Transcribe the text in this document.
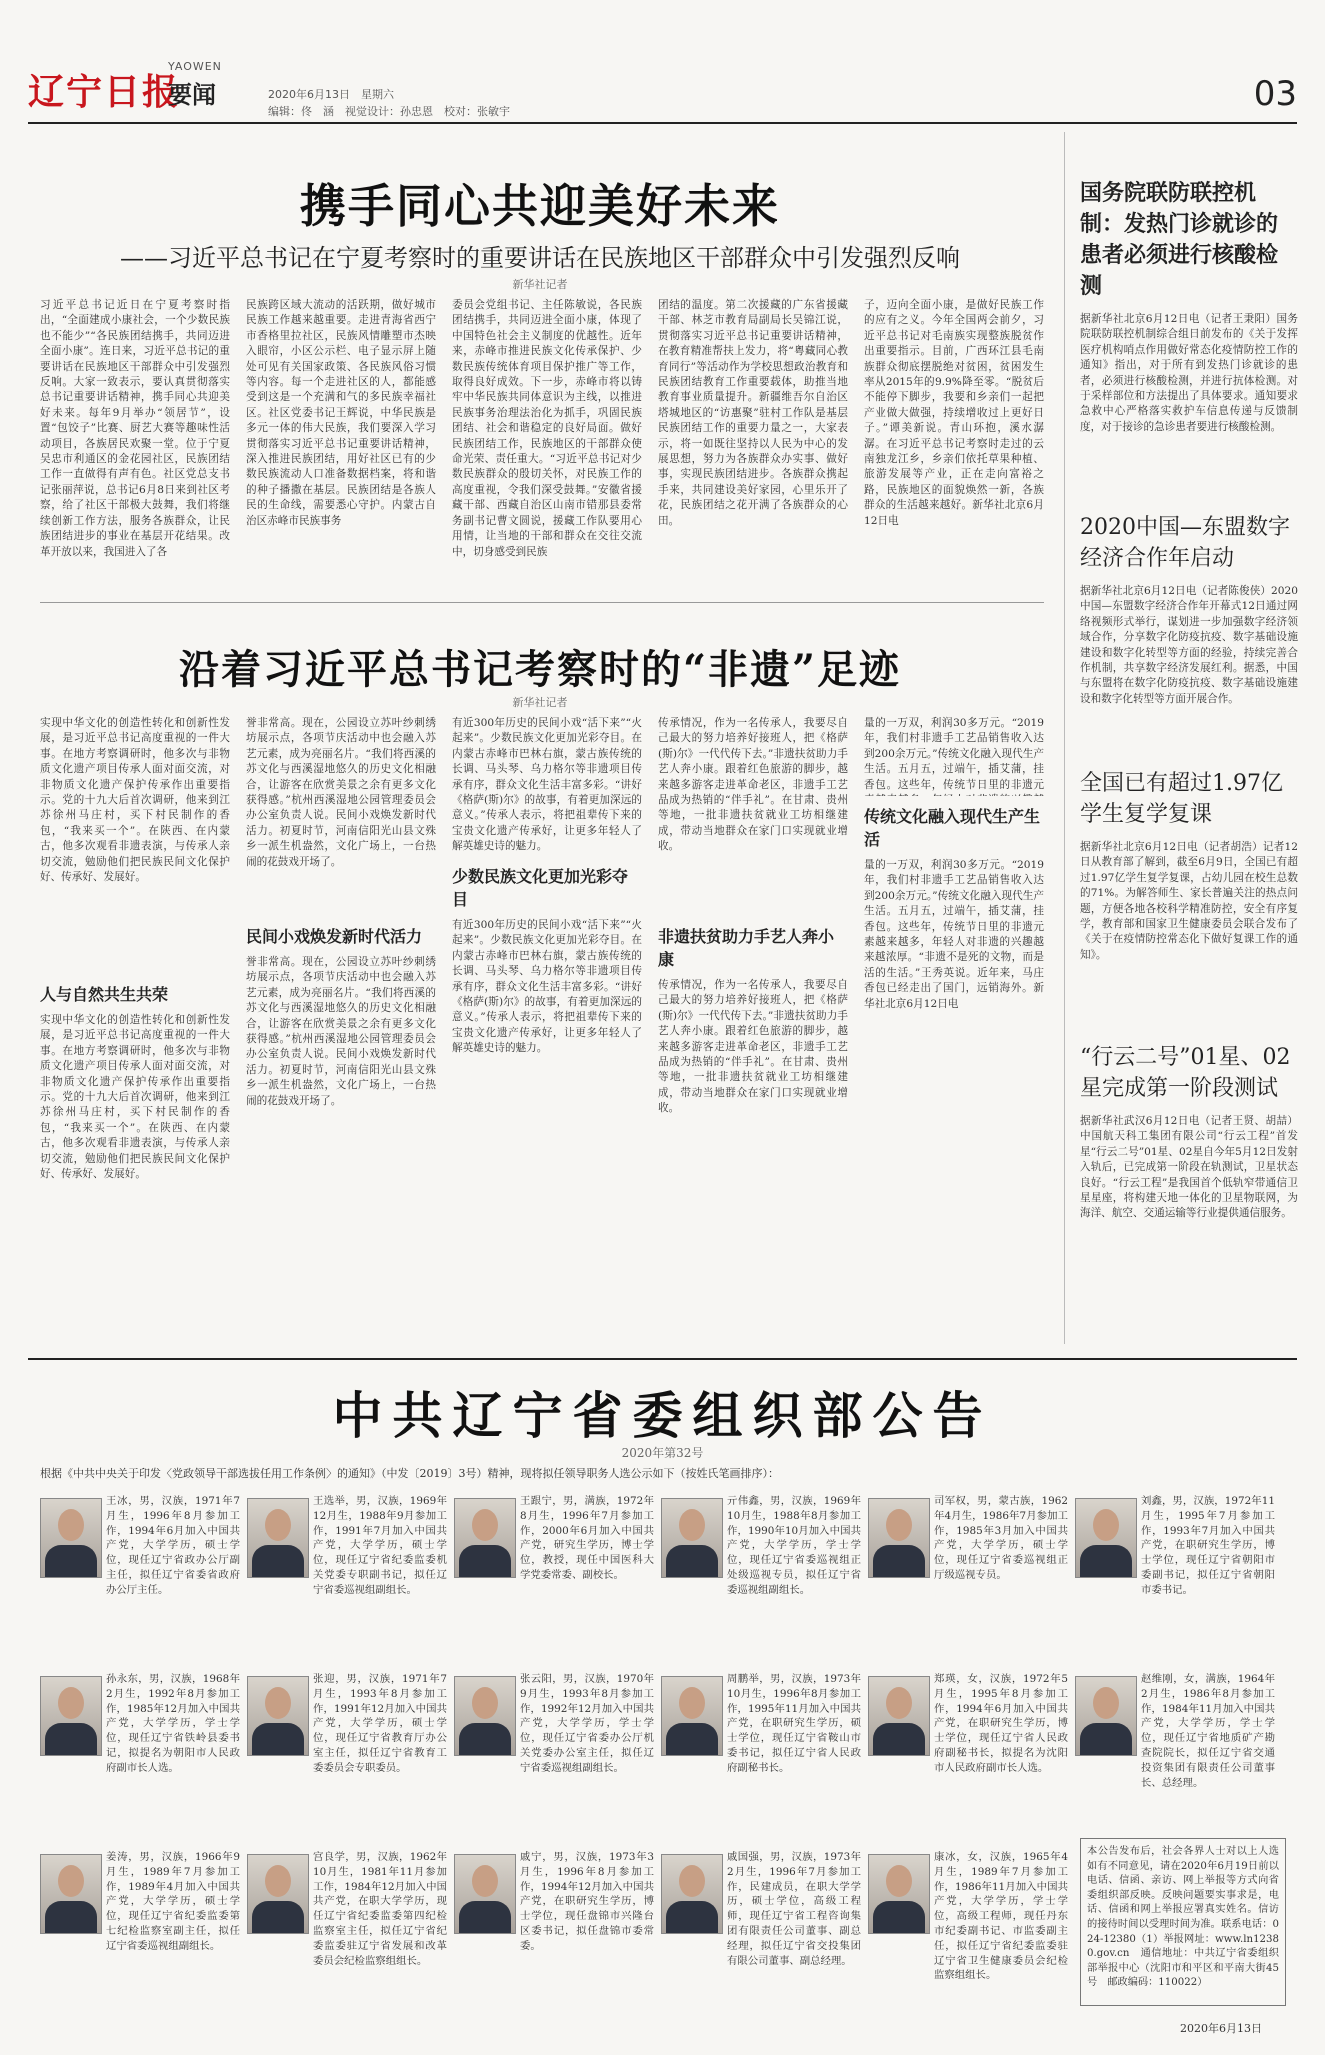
辽宁日报
YAOWEN
要闻	2020年6月13日　星期六
编辑：佟　涵　视觉设计：孙忠恩　校对：张敏宇	03
携手同心共迎美好未来
——习近平总书记在宁夏考察时的重要讲话在民族地区干部群众中引发强烈反响
新华社记者
习近平总书记近日在宁夏考察时指出，“全面建成小康社会，一个少数民族也不能少”“各民族团结携手，共同迈进全面小康”。连日来，习近平总书记的重要讲话在民族地区干部群众中引发强烈反响。大家一致表示，要认真贯彻落实总书记重要讲话精神，携手同心共迎美好未来。每年9月举办“领居节”，设置“包饺子”比赛、厨艺大赛等趣味性活动项目，各族居民欢聚一堂。位于宁夏吴忠市利通区的金花园社区，民族团结工作一直做得有声有色。社区党总支书记张丽萍说，总书记6月8日来到社区考察，给了社区干部极大鼓舞，我们将继续创新工作方法，服务各族群众，让民族团结进步的事业在基层开花结果。改革开放以来，我国进入了各
民族跨区域大流动的活跃期，做好城市民族工作越来越重要。走进青海省西宁市香格里拉社区，民族风情雕塑市杰映入眼帘，小区公示栏、电子显示屏上随处可见有关国家政策、各民族风俗习惯等内容。每一个走进社区的人，都能感受到这是一个充满和气的多民族幸福社区。社区党委书记王辉说，中华民族是多元一体的伟大民族，我们要深入学习贯彻落实习近平总书记重要讲话精神，深入推进民族团结，用好社区已有的少数民族流动人口准备数据档案，将和谐的种子播撒在基层。民族团结是各族人民的生命线，需要悉心守护。内蒙古自治区赤峰市民族事务
委员会党组书记、主任陈敏说，各民族团结携手，共同迈进全面小康，体现了中国特色社会主义制度的优越性。近年来，赤峰市推进民族文化传承保护、少数民族传统体育项目保护推广等工作，取得良好成效。下一步，赤峰市将以铸牢中华民族共同体意识为主线，以推进民族事务治理法治化为抓手，巩固民族团结、社会和谐稳定的良好局面。做好民族团结工作，民族地区的干部群众使命光荣、责任重大。“习近平总书记对少数民族群众的殷切关怀，对民族工作的高度重视，令我们深受鼓舞。”安徽省援藏干部、西藏自治区山南市错那县委常务副书记曹文圆说，援藏工作队要用心用情，让当地的干部和群众在交往交流中，切身感受到民族
团结的温度。第二次援藏的广东省援藏干部、林芝市教育局副局长吴锦江说，贯彻落实习近平总书记重要讲话精神，在教育精准帮扶上发力，将“粤藏同心教育同行”等活动作为学校思想政治教育和民族团结教育工作重要载体，助推当地教育事业质量提升。新疆维吾尔自治区塔城地区的“访惠聚”驻村工作队是基层民族团结工作的重要力量之一，大家表示，将一如既往坚持以人民为中心的发展思想，努力为各族群众办实事、做好事，实现民族团结进步。各族群众携起手来，共同建设美好家园，心里乐开了花，民族团结之花开满了各族群众的心田。
子，迈向全面小康，是做好民族工作的应有之义。今年全国两会前夕，习近平总书记对毛南族实现整族脱贫作出重要指示。目前，广西环江县毛南族群众彻底摆脱绝对贫困，贫困发生率从2015年的9.9%降至零。“脱贫后不能停下脚步，我要和乡亲们一起把产业做大做强，持续增收过上更好日子。”谭美新说。青山环抱，溪水潺潺。在习近平总书记考察时走过的云南独龙江乡，乡亲们依托草果种植、旅游发展等产业，正在走向富裕之路，民族地区的面貌焕然一新，各族群众的生活越来越好。新华社北京6月12日电
沿着习近平总书记考察时的“非遗”足迹
新华社记者
实现中华文化的创造性转化和创新性发展，是习近平总书记高度重视的一件大事。在地方考察调研时，他多次与非物质文化遗产项目传承人面对面交流，对非物质文化遗产保护传承作出重要指示。党的十九大后首次调研，他来到江苏徐州马庄村，买下村民制作的香包，“我来买一个”。在陕西、在内蒙古，他多次观看非遗表演，与传承人亲切交流，勉励他们把民族民间文化保护好、传承好、发展好。
人与自然共生共荣
实现中华文化的创造性转化和创新性发展，是习近平总书记高度重视的一件大事。在地方考察调研时，他多次与非物质文化遗产项目传承人面对面交流，对非物质文化遗产保护传承作出重要指示。党的十九大后首次调研，他来到江苏徐州马庄村，买下村民制作的香包，“我来买一个”。在陕西、在内蒙古，他多次观看非遗表演，与传承人亲切交流，勉励他们把民族民间文化保护好、传承好、发展好。
誉非常高。现在，公园设立苏叶纱刺绣坊展示点，各项节庆活动中也会融入苏艺元素，成为亮丽名片。“我们将西溪的苏文化与西溪湿地悠久的历史文化相融合，让游客在欣赏美景之余有更多文化获得感。”杭州西溪湿地公园管理委员会办公室负责人说。民间小戏焕发新时代活力。初夏时节，河南信阳光山县文殊乡一派生机盎然，文化广场上，一台热闹的花鼓戏开场了。
民间小戏焕发新时代活力
誉非常高。现在，公园设立苏叶纱刺绣坊展示点，各项节庆活动中也会融入苏艺元素，成为亮丽名片。“我们将西溪的苏文化与西溪湿地悠久的历史文化相融合，让游客在欣赏美景之余有更多文化获得感。”杭州西溪湿地公园管理委员会办公室负责人说。民间小戏焕发新时代活力。初夏时节，河南信阳光山县文殊乡一派生机盎然，文化广场上，一台热闹的花鼓戏开场了。
有近300年历史的民间小戏“活下来”“火起来”。少数民族文化更加光彩夺目。在内蒙古赤峰市巴林右旗，蒙古族传统的长调、马头琴、乌力格尔等非遗项目传承有序，群众文化生活丰富多彩。“讲好《格萨(斯)尔》的故事，有着更加深远的意义。”传承人表示，将把祖辈传下来的宝贵文化遗产传承好，让更多年轻人了解英雄史诗的魅力。
少数民族文化更加光彩夺目
有近300年历史的民间小戏“活下来”“火起来”。少数民族文化更加光彩夺目。在内蒙古赤峰市巴林右旗，蒙古族传统的长调、马头琴、乌力格尔等非遗项目传承有序，群众文化生活丰富多彩。“讲好《格萨(斯)尔》的故事，有着更加深远的意义。”传承人表示，将把祖辈传下来的宝贵文化遗产传承好，让更多年轻人了解英雄史诗的魅力。
传承情况，作为一名传承人，我要尽自己最大的努力培养好接班人，把《格萨(斯)尔》一代代传下去。”非遗扶贫助力手艺人奔小康。跟着红色旅游的脚步，越来越多游客走进革命老区，非遗手工艺品成为热销的“伴手礼”。在甘肃、贵州等地，一批非遗扶贫就业工坊相继建成，带动当地群众在家门口实现就业增收。
非遗扶贫助力手艺人奔小康
传承情况，作为一名传承人，我要尽自己最大的努力培养好接班人，把《格萨(斯)尔》一代代传下去。”非遗扶贫助力手艺人奔小康。跟着红色旅游的脚步，越来越多游客走进革命老区，非遗手工艺品成为热销的“伴手礼”。在甘肃、贵州等地，一批非遗扶贫就业工坊相继建成，带动当地群众在家门口实现就业增收。
量的一万双，利润30多万元。“2019年，我们村非遗手工艺品销售收入达到200余万元。”传统文化融入现代生产生活。五月五，过端午，插艾蒲，挂香包。这些年，传统节日里的非遗元
传统文化融入现代生产生活
量的一万双，利润30多万元。“2019年，我们村非遗手工艺品销售收入达到200余万元。”传统文化融入现代生产生活。五月五，过端午，插艾蒲，挂香包。这些年，传统节日里的非遗元素越来越多，年轻人对非遗的兴趣越来越浓厚。“非遗不是死的文物，而是活的生活。”王秀英说。近年来，马庄香包已经走出了国门，远销海外。新华社北京6月12日电
国务院联防联控机制：发热门诊就诊的患者必须进行核酸检测
据新华社北京6月12日电（记者王秉阳）国务院联防联控机制综合组日前发布的《关于发挥医疗机构哨点作用做好常态化疫情防控工作的通知》指出，对于所有到发热门诊就诊的患者，必须进行核酸检测，并进行抗体检测。对于采样部位和方法提出了具体要求。通知要求急救中心严格落实救护车信息传递与反馈制度，对于接诊的急诊患者要进行核酸检测。
2020中国—东盟数字经济合作年启动
据新华社北京6月12日电（记者陈俊侠）2020中国—东盟数字经济合作年开幕式12日通过网络视频形式举行，谋划进一步加强数字经济领域合作，分享数字化防疫抗疫、数字基础设施建设和数字化转型等方面的经验，持续完善合作机制，共享数字经济发展红利。据悉，中国与东盟将在数字化防疫抗疫、数字基础设施建设和数字化转型等方面开展合作。
全国已有超过1.97亿学生复学复课
据新华社北京6月12日电（记者胡浩）记者12日从教育部了解到，截至6月9日，全国已有超过1.97亿学生复学复课，占幼儿园在校生总数的71%。为解答师生、家长普遍关注的热点问题，方便各地各校科学精准防控，安全有序复学，教育部和国家卫生健康委员会联合发布了《关于在疫情防控常态化下做好复课工作的通知》。
“行云二号”01星、02星完成第一阶段测试
据新华社武汉6月12日电（记者王贤、胡喆）中国航天科工集团有限公司“行云工程”首发星“行云二号”01星、02星自今年5月12日发射入轨后，已完成第一阶段在轨测试，卫星状态良好。“行云工程”是我国首个低轨窄带通信卫星星座，将构建天地一体化的卫星物联网，为海洋、航空、交通运输等行业提供通信服务。
中共辽宁省委组织部公告
2020年第32号
根据《中共中央关于印发〈党政领导干部选拔任用工作条例〉的通知》（中发〔2019〕3号）精神，现将拟任领导职务人选公示如下（按姓氏笔画排序）：
王冰，男，汉族，1971年7月生，1996年8月参加工作，1994年6月加入中国共产党，大学学历，硕士学位，现任辽宁省政办公厅副主任，拟任辽宁省委省政府办公厅主任。
王选举，男，汉族，1969年12月生，1988年9月参加工作，1991年7月加入中国共产党，大学学历，硕士学位，现任辽宁省纪委监委机关党委专职副书记，拟任辽宁省委巡视组副组长。
王跟宁，男，满族，1972年8月生，1996年7月参加工作，2000年6月加入中国共产党，研究生学历，博士学位，教授，现任中国医科大学党委常委、副校长。
亓伟鑫，男，汉族，1969年10月生，1988年8月参加工作，1990年10月加入中国共产党，大学学历，学士学位，现任辽宁省委巡视组正处级巡视专员，拟任辽宁省委巡视组副组长。
司军权，男，蒙古族，1962年4月生，1986年7月参加工作，1985年3月加入中国共产党，大学学历，硕士学位，现任辽宁省委巡视组正厅级巡视专员。
刘鑫，男，汉族，1972年11月生，1995年7月参加工作，1993年7月加入中国共产党，在职研究生学历，博士学位，现任辽宁省朝阳市委副书记，拟任辽宁省朝阳市委书记。
孙永东，男，汉族，1968年2月生，1992年8月参加工作，1985年12月加入中国共产党，大学学历，学士学位，现任辽宁省铁岭县委书记，拟提名为朝阳市人民政府副市长人选。
张迎，男，汉族，1971年7月生，1993年8月参加工作，1991年12月加入中国共产党，大学学历，硕士学位，现任辽宁省教育厅办公室主任，拟任辽宁省教育工委委员会专职委员。
张云阳，男，汉族，1970年9月生，1993年8月参加工作，1992年12月加入中国共产党，大学学历，学士学位，现任辽宁省委办公厅机关党委办公室主任，拟任辽宁省委巡视组副组长。
周鹏举，男，汉族，1973年10月生，1996年8月参加工作，1995年11月加入中国共产党，在职研究生学历，硕士学位，现任辽宁省鞍山市委书记，拟任辽宁省人民政府副秘书长。
郑瑛，女，汉族，1972年5月生，1995年8月参加工作，1994年6月加入中国共产党，在职研究生学历，博士学位，现任辽宁省人民政府副秘书长，拟提名为沈阳市人民政府副市长人选。
赵维刚，女，满族，1964年2月生，1986年8月参加工作，1984年11月加入中国共产党，大学学历，学士学位，现任辽宁省地质矿产勘查院院长，拟任辽宁省交通投资集团有限责任公司董事长、总经理。
姜涛，男，汉族，1966年9月生，1989年7月参加工作，1989年4月加入中国共产党，大学学历，硕士学位，现任辽宁省纪委监委第七纪检监察室副主任，拟任辽宁省委巡视组副组长。
宫良学，男，汉族，1962年10月生，1981年11月参加工作，1984年12月加入中国共产党，在职大学学历，现任辽宁省纪委监委第四纪检监察室主任，拟任辽宁省纪委监委驻辽宁省发展和改革委员会纪检监察组组长。
戚宁，男，汉族，1973年3月生，1996年8月参加工作，1994年12月加入中国共产党，在职研究生学历，博士学位，现任盘锦市兴隆台区委书记，拟任盘锦市委常委。
戚国强，男，汉族，1973年2月生，1996年7月参加工作，民建成员，在职大学学历，硕士学位，高级工程师，现任辽宁省工程咨询集团有限责任公司董事、副总经理，拟任辽宁省交投集团有限公司董事、副总经理。
康冰，女，汉族，1965年4月生，1989年7月参加工作，1986年11月加入中国共产党，大学学历，学士学位，高级工程师，现任丹东市纪委副书记、市监委副主任，拟任辽宁省纪委监委驻辽宁省卫生健康委员会纪检监察组组长。
本公告发布后，社会各界人士对以上人选如有不同意见，请在2020年6月19日前以电话、信函、亲访、网上举报等方式向省委组织部反映。反映问题要实事求是，电话、信函和网上举报应署真实姓名。信访的接待时间以受理时间为准。联系电话：024-12380（1）举报网址：www.ln12380.gov.cn　通信地址：中共辽宁省委组织部举报中心（沈阳市和平区和平南大街45号　邮政编码：110022）
2020年6月13日
